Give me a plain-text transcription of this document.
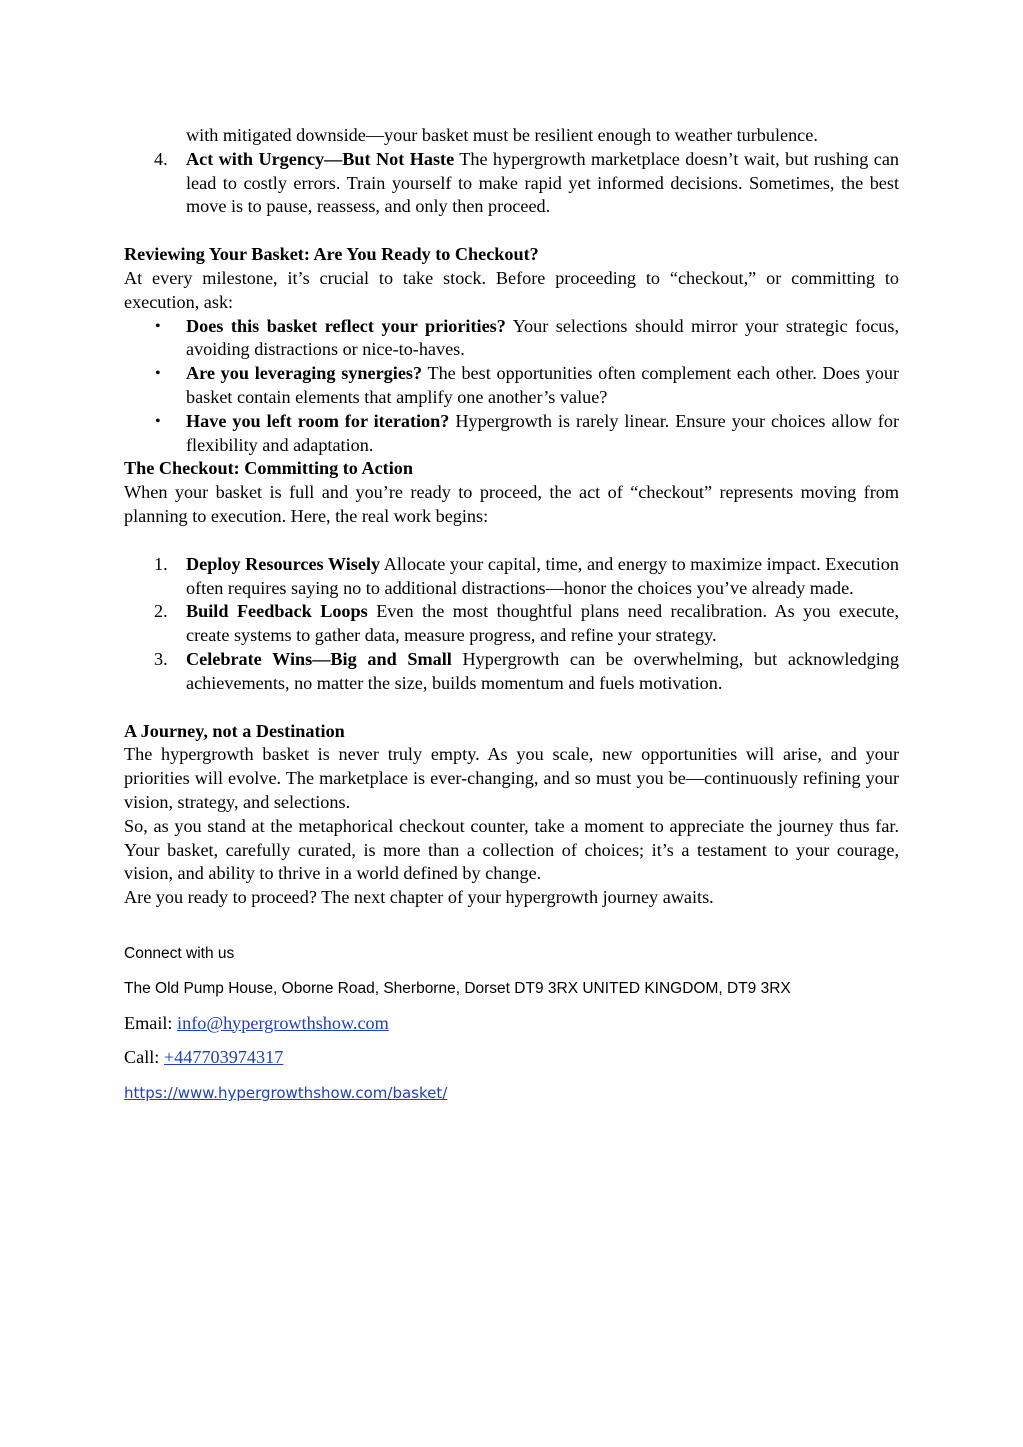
with mitigated downside—your basket must be resilient enough to weather turbulence.
4. Act with Urgency—But Not Haste The hypergrowth marketplace doesn’t wait, but rushing can lead to costly errors. Train yourself to make rapid yet informed decisions. Sometimes, the best move is to pause, reassess, and only then proceed.

Reviewing Your Basket: Are You Ready to Checkout?

At every milestone, it’s crucial to take stock. Before proceeding to “checkout,” or committing to execution, ask:

• Does this basket reflect your priorities? Your selections should mirror your strategic focus, avoiding distractions or nice-to-haves.
• Are you leveraging synergies? The best opportunities often complement each other. Does your basket contain elements that amplify one another’s value?
• Have you left room for iteration? Hypergrowth is rarely linear. Ensure your choices allow for flexibility and adaptation.

The Checkout: Committing to Action

When your basket is full and you’re ready to proceed, the act of “checkout” represents moving from planning to execution. Here, the real work begins:

1. Deploy Resources Wisely Allocate your capital, time, and energy to maximize impact. Execution often requires saying no to additional distractions—honor the choices you’ve already made.
2. Build Feedback Loops Even the most thoughtful plans need recalibration. As you execute, create systems to gather data, measure progress, and refine your strategy.
3. Celebrate Wins—Big and Small Hypergrowth can be overwhelming, but acknowledging achievements, no matter the size, builds momentum and fuels motivation.

A Journey, not a Destination

The hypergrowth basket is never truly empty. As you scale, new opportunities will arise, and your priorities will evolve. The marketplace is ever-changing, and so must you be—continuously refining your vision, strategy, and selections.

So, as you stand at the metaphorical checkout counter, take a moment to appreciate the journey thus far. Your basket, carefully curated, is more than a collection of choices; it’s a testament to your courage, vision, and ability to thrive in a world defined by change.

Are you ready to proceed? The next chapter of your hypergrowth journey awaits.

Connect with us

The Old Pump House, Oborne Road, Sherborne, Dorset DT9 3RX UNITED KINGDOM, DT9 3RX

Email: info@hypergrowthshow.com

Call: +447703974317

https://www.hypergrowthshow.com/basket/
